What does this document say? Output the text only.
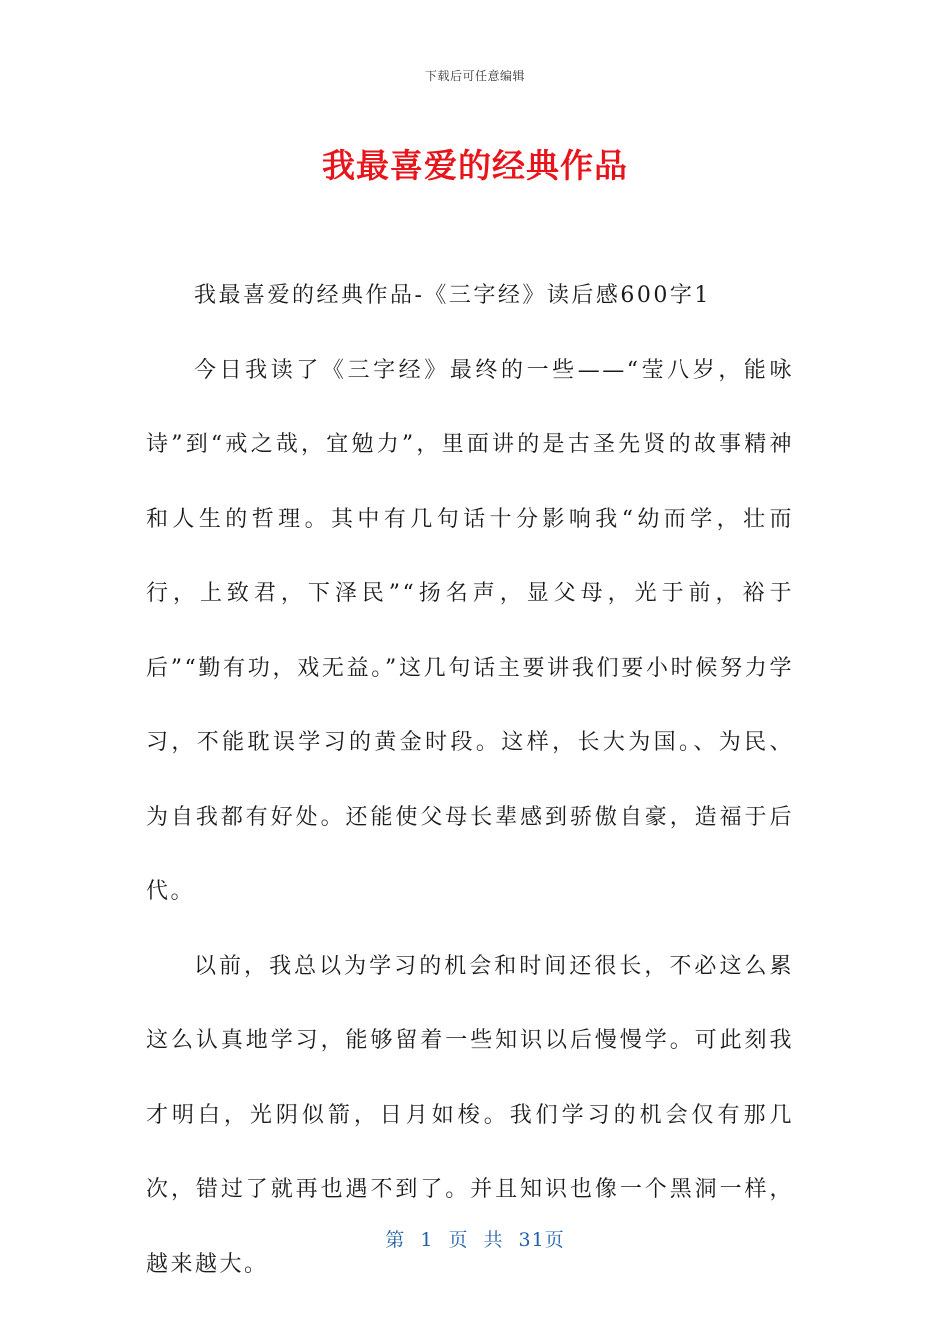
下载后可任意编辑
我最喜爱的经典作品

我最喜爱的经典作品-《三字经》读后感600字1

今日我读了《三字经》最终的一些——“莹八岁，能咏诗”到“戒之哉，宜勉力”，里面讲的是古圣先贤的故事精神和人生的哲理。其中有几句话十分影响我“幼而学，壮而行，上致君，下泽民”“扬名声，显父母，光于前，裕于后”“勤有功，戏无益。”这几句话主要讲我们要小时候努力学习，不能耽误学习的黄金时段。这样，长大为国。、为民、为自我都有好处。还能使父母长辈感到骄傲自豪，造福于后代。

以前，我总以为学习的机会和时间还很长，不必这么累这么认真地学习，能够留着一些知识以后慢慢学。可此刻我才明白，光阴似箭，日月如梭。我们学习的机会仅有那几次，错过了就再也遇不到了。并且知识也像一个黑洞一样，越来越大。

第 1 页 共 31页
